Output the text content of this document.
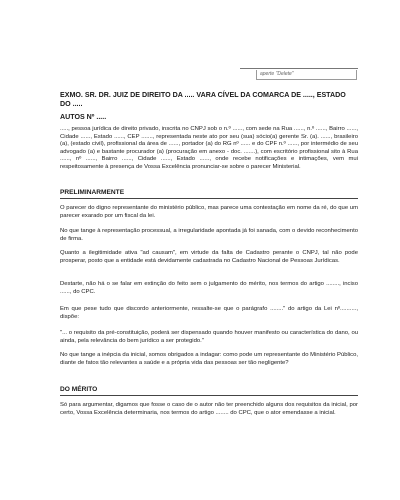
aperte "Delete"
EXMO. SR. DR. JUIZ DE DIREITO DA ..... VARA CÍVEL DA COMARCA DE ....., ESTADO DO .....
AUTOS Nº .....
....., pessoa jurídica de direito privado, inscrita no CNPJ sob o n.º ......, com sede na Rua ......, n.º ......, Bairro ......, Cidade ......, Estado ......, CEP ......., representada neste ato por seu (sua) sócio(a) gerente Sr. (a). ......, brasileiro (a), (estado civil), profissional da área de ......, portador (a) do RG nº ...... e do CPF n.º ......, por intermédio de seu advogado (a) e bastante procurador (a) (procuração em anexo - doc. .......), com escritório profissional sito à Rua ......, nº ......, Bairro ......, Cidade ......, Estado ......, onde recebe notificações e intimações, vem mui respeitosamente à presença de Vossa Excelência pronunciar-se sobre o parecer Ministerial.
PRELIMINARMENTE
O parecer do digno representante do ministério público, mas parece uma contestação em nome da ré, do que um parecer exarado por um fiscal da lei.
No que tange à representação processual, a irregularidade apontada já foi sanada, com o devido reconhecimento de firma.
Quanto a ilegitimidade ativa "ad causam", em virtude da falta de Cadastro perante o CNPJ, tal não pode prosperar, posto que a entidade está devidamente cadastrada no Cadastro Nacional de Pessoas Jurídicas.
Destarte, não há o se falar em extinção do feito sem o julgamento do mérito, nos termos do artigo ........, inciso ......, do CPC.
Em que pese tudo que discordo anteriormente, ressalte-se que o parágrafo ........" do artigo da Lei nº.........., dispõe:
"... o requisito da pré-constituição, poderá ser dispensado quando houver manifesto ou característica do dano, ou ainda, pela relevância do bem jurídico a ser protegido."
No que tange a inépcia da inicial, somos obrigados a indagar: como pode um representante do Ministério Público, diante de fatos tão relevantes a saúde e a própria vida das pessoas ser tão negligente?
DO MÉRITO
Só para argumentar, digamos que fosse o caso de o autor não ter preenchido alguns dos requisitos da inicial, por certo, Vossa Excelência determinaria, nos termos do artigo ........ do CPC, que o ator emendasse a inicial.
